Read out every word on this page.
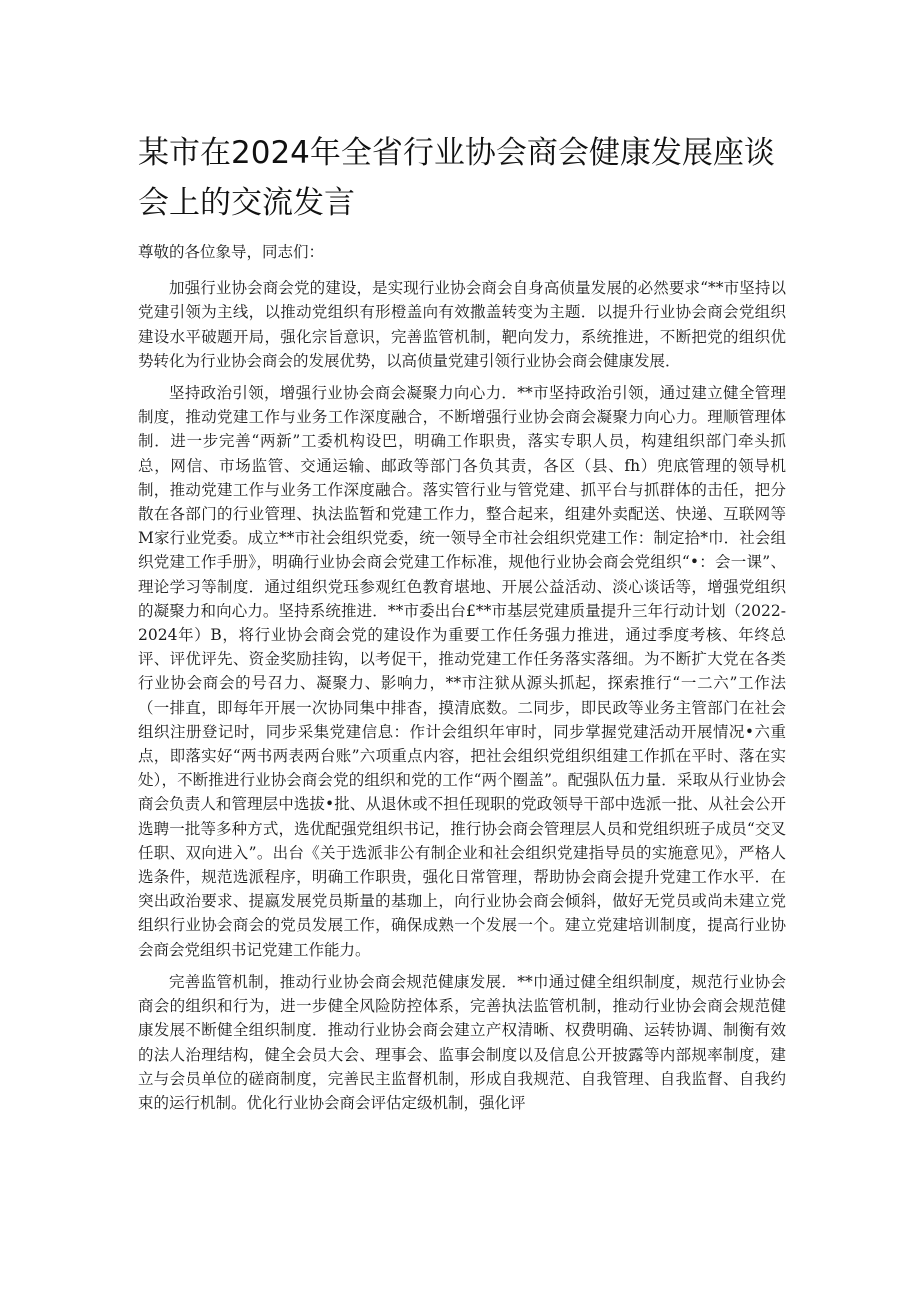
某市在2024年全省行业协会商会健康发展座谈会上的交流发言

尊敬的各位象导，同志们：

加强行业协会商会党的建设，是实现行业协会商会自身高侦量发展的必然要求“**市坚持以党建引领为主线，以推动党组织有形橙盖向有效撒盖转变为主题．以提升行业协会商会党组织建设水平破题开局，强化宗旨意识，完善监管机制，靶向发力，系统推进，不断把党的组织优势转化为行业协会商会的发展优势，以高侦量党建引领行业协会商会健康发展．

坚持政治引领，增强行业协会商会凝聚力向心力．**市坚持政治引领，通过建立健全管理制度，推动党建工作与业务工作深度融合，不断增强行业协会商会凝聚力向心力。理顺管理体制．进一步完善“两新”工委机构设巴，明确工作职贵，落实专职人员，构建组织部门牵头抓总，网信、市场监管、交通运输、邮政等部门各负其责，各区（县、fh）兜底管理的领导机制，推动党建工作与业务工作深度融合。落实管行业与管党建、抓平台与抓群体的击任，把分散在各部门的行业管理、执法监暂和党建工作力，整合起来，组建外卖配送、快递、互联网等M家行业党委。成立**市社会组织党委，统一领导全市社会组织党建工作：制定拾*巾．社会组织党建工作手册》，明确行业协会商会党建工作标准，规他行业协会商会党组织“•：会一课”、理论学习等制度．通过组织党珏参观红色教育堪地、开展公益活动、淡心谈话等，增强党组织的凝聚力和向心力。坚持系统推进．**市委出台£**市基层党建质量提升三年行动计划（2022-2024年）B，将行业协会商会党的建设作为重要工作任务强力推进，通过季度考核、年终总评、评优评先、资金奖励挂钩，以考促干，推动党建工作任务落实落细。为不断扩大党在各类行业协会商会的号召力、凝聚力、影响力，**市注狱从源头抓起，探索推行“一二六”工作法（一排直，即每年开展一次协同集中排杳，摸清底数。二同步，即民政等业务主管部门在社会组织注册登记时，同步采集党建信息：作计会组织年审时，同步掌握党建活动开展情况•六重点，即落实好“两书两表两台账”六项重点内容，把社会组织党组织组建工作抓在平时、落在实处），不断推进行业协会商会党的组织和党的工作“两个圈盖”。配强队伍力量．采取从行业协会商会负责人和管理层中选拔•批、从退休或不担任现职的党政领导干部中选派一批、从社会公开选聘一批等多种方式，选优配强党组织书记，推行协会商会管理层人员和党组织班子成员“交叉任职、双向进入”。出台《关于选派非公有制企业和社会组织党建指导员的实施意见》，严格人选条件，规范选派程序，明确工作职贵，强化日常管理，帮助协会商会提升党建工作水平．在突出政治要求、提嬴发展党员斯量的基珈上，向行业协会商会倾斜，做好无党员或尚未建立党组织行业协会商会的党员发展工作，确保成熟一个发展一个。建立党建培训制度，提高行业协会商会党组织书记党建工作能力。

完善监管机制，推动行业协会商会规范健康发展．**巾通过健全组织制度，规范行业协会商会的组织和行为，进一步健全风险防控体系，完善执法监管机制，推动行业协会商会规范健康发展不断健全组织制度．推动行业协会商会建立产权清晰、权费明确、运转协调、制衡有效的法人治理结构，健全会员大会、理事会、监事会制度以及信息公开披露等内部规率制度，建立与会员单位的磋商制度，完善民主监督机制，形成自我规范、自我管理、自我监督、自我约束的运行机制。优化行业协会商会评估定级机制，强化评
